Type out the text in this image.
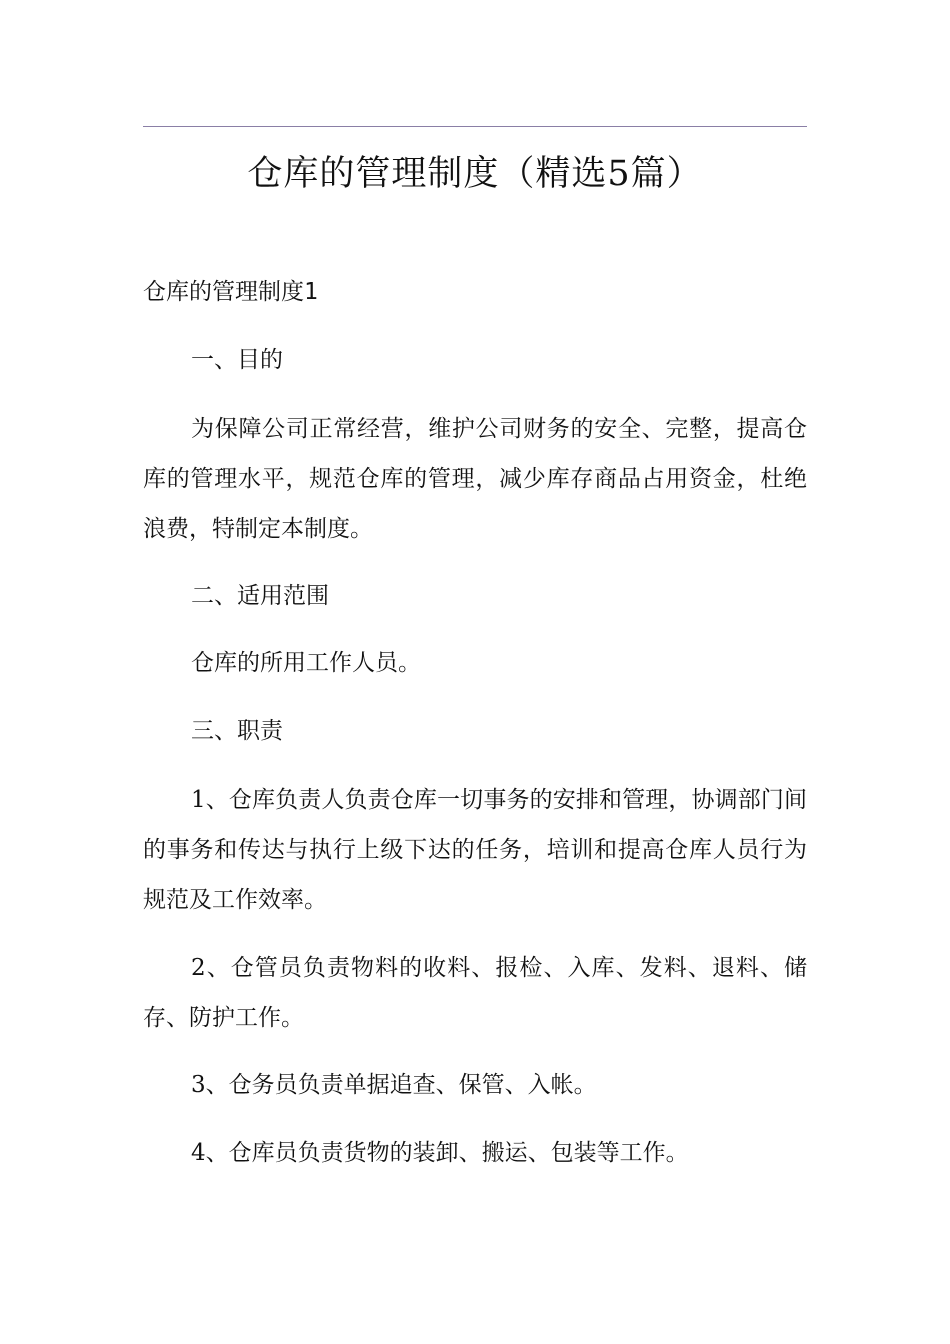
仓库的管理制度（精选5篇）
仓库的管理制度1

一、目的

为保障公司正常经营，维护公司财务的安全、完整，提高仓库的管理水平，规范仓库的管理，减少库存商品占用资金，杜绝浪费，特制定本制度。

二、适用范围

仓库的所用工作人员。

三、职责

1、仓库负责人负责仓库一切事务的安排和管理，协调部门间的事务和传达与执行上级下达的任务，培训和提高仓库人员行为规范及工作效率。

2、仓管员负责物料的收料、报检、入库、发料、退料、储存、防护工作。

3、仓务员负责单据追查、保管、入帐。

4、仓库员负责货物的装卸、搬运、包装等工作。
